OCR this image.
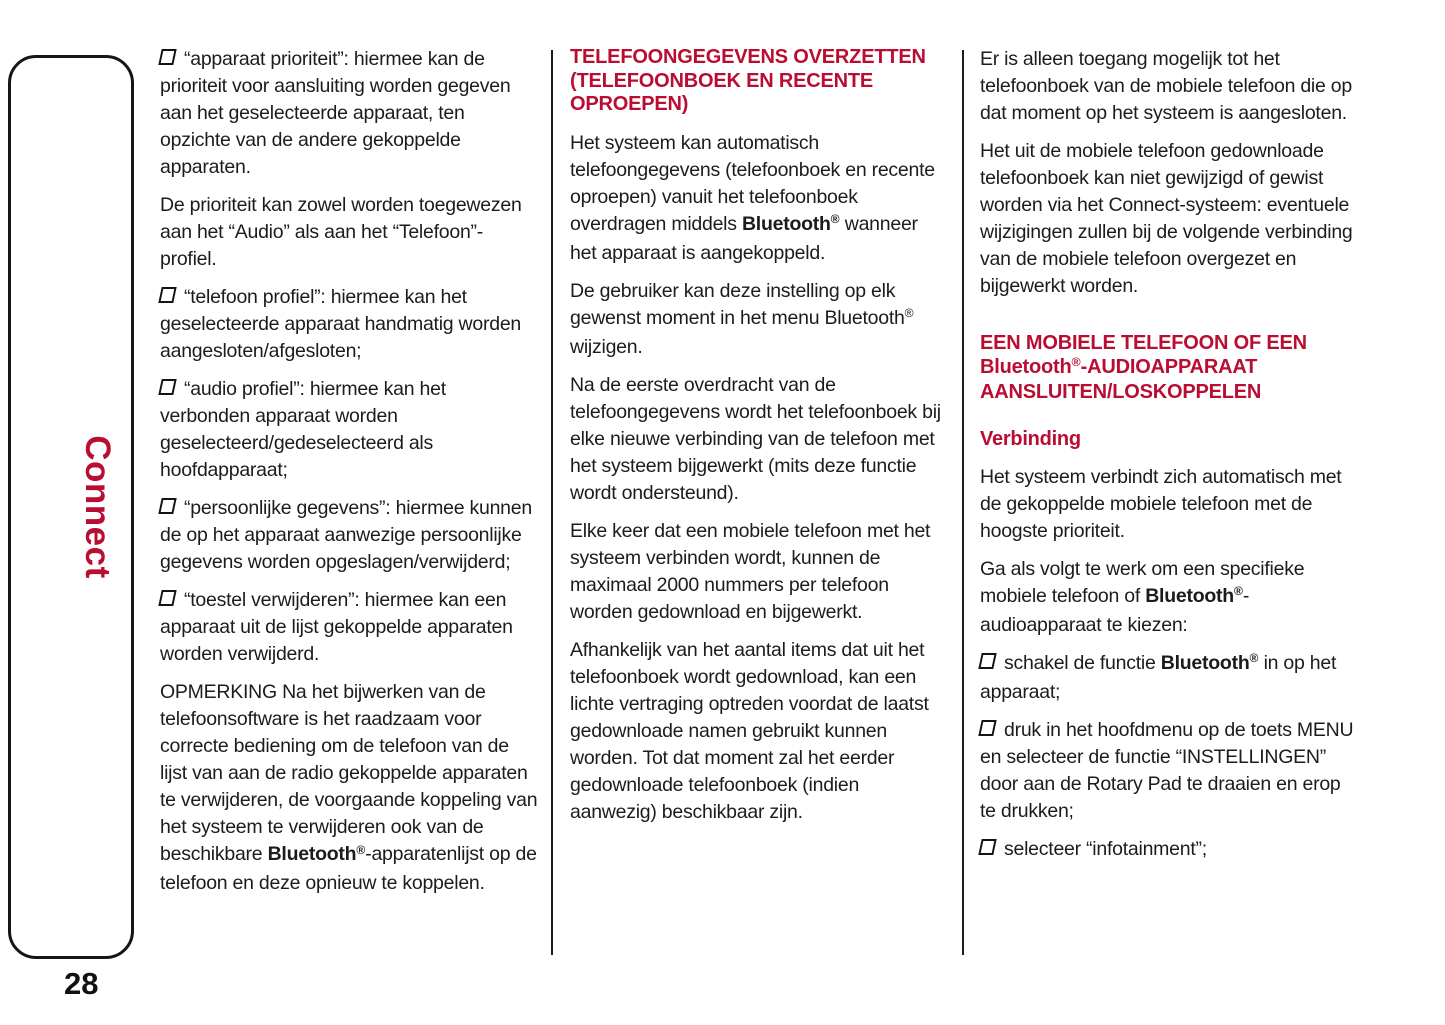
Connect
28

“apparaat prioriteit”: hiermee kan de prioriteit voor aansluiting worden gegeven aan het geselecteerde apparaat, ten opzichte van de andere gekoppelde apparaten.

De prioriteit kan zowel worden toegewezen aan het “Audio” als aan het “Telefoon”-profiel.

“telefoon profiel”: hiermee kan het geselecteerde apparaat handmatig worden aangesloten/afgesloten;

“audio profiel”: hiermee kan het verbonden apparaat worden geselecteerd/gedeselecteerd als hoofdapparaat;

“persoonlijke gegevens”: hiermee kunnen de op het apparaat aanwezige persoonlijke gegevens worden opgeslagen/verwijderd;

“toestel verwijderen”: hiermee kan een apparaat uit de lijst gekoppelde apparaten worden verwijderd.

OPMERKING Na het bijwerken van de telefoonsoftware is het raadzaam voor correcte bediening om de telefoon van de lijst van aan de radio gekoppelde apparaten te verwijderen, de voorgaande koppeling van het systeem te verwijderen ook van de beschikbare Bluetooth®-apparatenlijst op de telefoon en deze opnieuw te koppelen.

TELEFOONGEGEVENS OVERZETTEN
(TELEFOONBOEK EN RECENTE
OPROEPEN)

Het systeem kan automatisch telefoongegevens (telefoonboek en recente oproepen) vanuit het telefoonboek overdragen middels Bluetooth® wanneer het apparaat is aangekoppeld.

De gebruiker kan deze instelling op elk gewenst moment in het menu Bluetooth® wijzigen.

Na de eerste overdracht van de telefoongegevens wordt het telefoonboek bij elke nieuwe verbinding van de telefoon met het systeem bijgewerkt (mits deze functie wordt ondersteund).

Elke keer dat een mobiele telefoon met het systeem verbinden wordt, kunnen de maximaal 2000 nummers per telefoon worden gedownload en bijgewerkt.

Afhankelijk van het aantal items dat uit het telefoonboek wordt gedownload, kan een lichte vertraging optreden voordat de laatst gedownloade namen gebruikt kunnen worden. Tot dat moment zal het eerder gedownloade telefoonboek (indien aanwezig) beschikbaar zijn.

Er is alleen toegang mogelijk tot het telefoonboek van de mobiele telefoon die op dat moment op het systeem is aangesloten.

Het uit de mobiele telefoon gedownloade telefoonboek kan niet gewijzigd of gewist worden via het Connect-systeem: eventuele wijzigingen zullen bij de volgende verbinding van de mobiele telefoon overgezet en bijgewerkt worden.

EEN MOBIELE TELEFOON OF EEN
Bluetooth®-AUDIOAPPARAAT
AANSLUITEN/LOSKOPPELEN
Verbinding

Het systeem verbindt zich automatisch met de gekoppelde mobiele telefoon met de hoogste prioriteit.

Ga als volgt te werk om een specifieke mobiele telefoon of Bluetooth®-audioapparaat te kiezen:

schakel de functie Bluetooth® in op het apparaat;

druk in het hoofdmenu op de toets MENU en selecteer de functie “INSTELLINGEN” door aan de Rotary Pad te draaien en erop te drukken;

selecteer “infotainment”;
